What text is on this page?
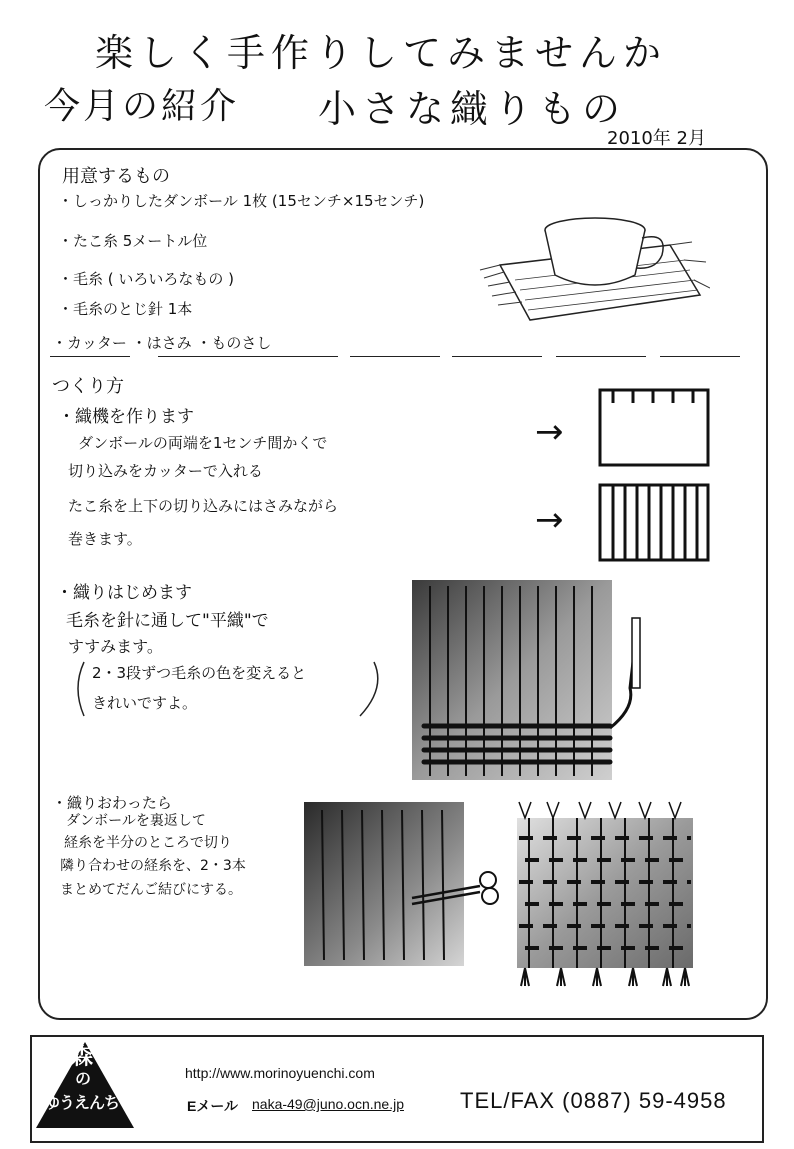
楽しく手作りしてみませんか
今月の紹介 小さな織りもの
2010年 2月
用意するもの
・しっかりしたダンボール 1枚 (15センチ×15センチ)
・たこ糸 5メートル位
・毛糸 ( いろいろなもの )
・毛糸のとじ針 1本
・カッター ・はさみ ・ものさし
つくり方
・織機を作ります
ダンボールの両端を1センチ間かくで
切り込みをカッターで入れる
たこ糸を上下の切り込みにはさみながら
巻きます。
→
→
・織りはじめます
毛糸を針に通して"平織"で
すすみます。
2・3段ずつ毛糸の色を変えると
きれいですよ。
・織りおわったら
ダンボールを裏返して
経糸を半分のところで切り
隣り合わせの経糸を、2・3本
まとめてだんご結びにする。
森
の
ゆうえんち
http://www.morinoyuenchi.com
Eメール naka-49@juno.ocn.ne.jp	TEL/FAX (0887) 59-4958
